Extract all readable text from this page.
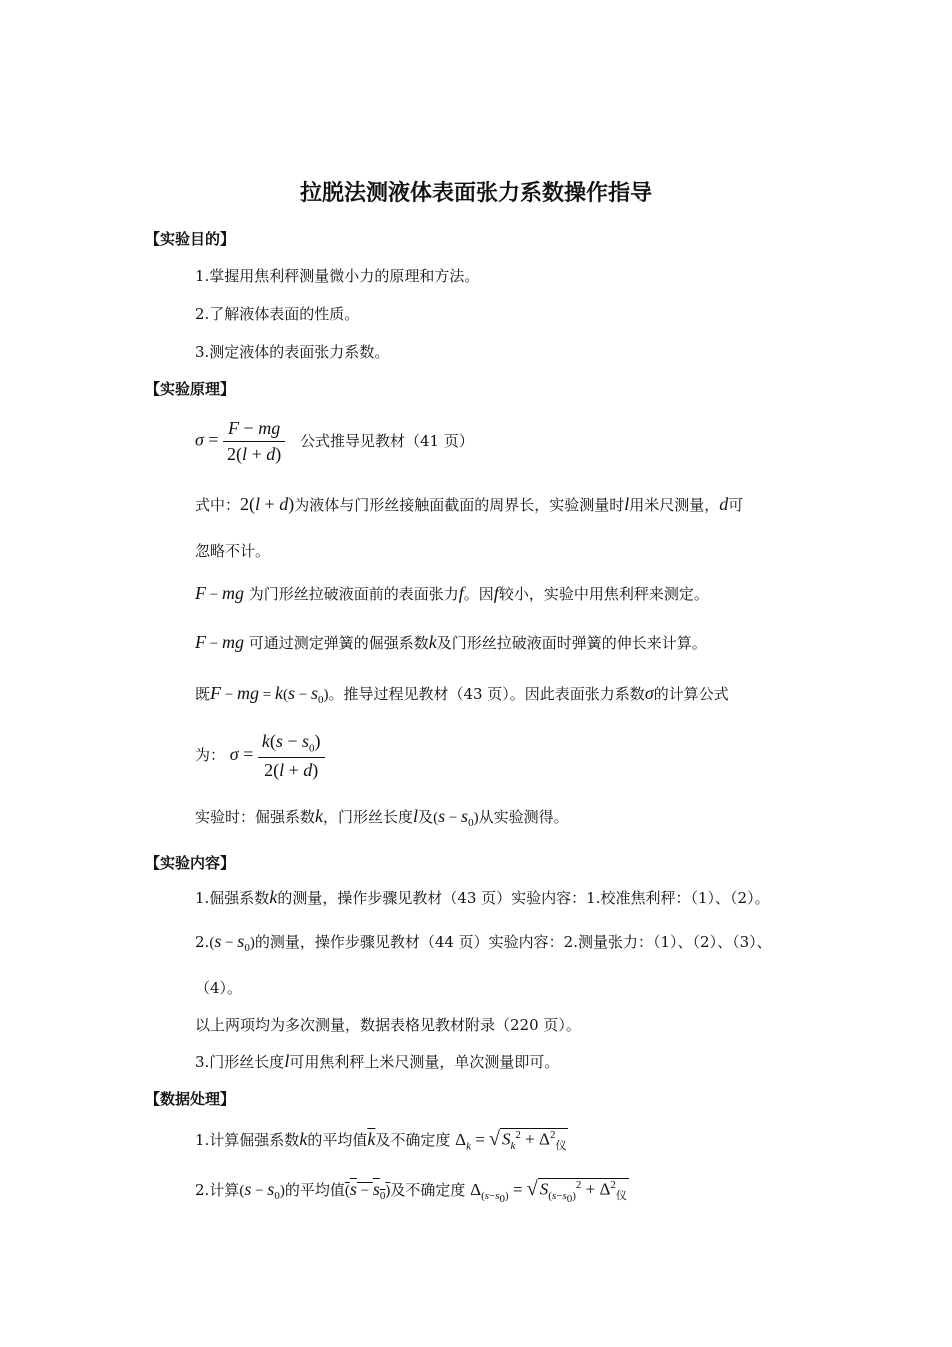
拉脱法测液体表面张力系数操作指导
【实验目的】
1.掌握用焦利秤测量微小力的原理和方法。
2.了解液体表面的性质。
3.测定液体的表面张力系数。
【实验原理】
$\sigma = \frac{F - mg}{2(l + d)}$ 公式推导见教材（41 页）
式中：2(l + d)为液体与门形丝接触面截面的周界长，实验测量时l用米尺测量，d可
忽略不计。
F − mg 为门形丝拉破液面前的表面张力f。因f较小，实验中用焦利秤来测定。
F − mg 可通过测定弹簧的倔强系数k及门形丝拉破液面时弹簧的伸长来计算。
既F − mg = $k(s - s_0)$。推导过程见教材（43 页）。因此表面张力系数σ的计算公式
为： $\sigma = \frac{k(s - s_0)}{2(l + d)}$
实验时：倔强系数k，门形丝长度l及$(s - s_0)$从实验测得。
【实验内容】
1.倔强系数k的测量，操作步骤见教材（43 页）实验内容：1.校准焦利秤：（1）、（2）。
$2.(s - s_0)$的测量，操作步骤见教材（44 页）实验内容：2.测量张力：（1）、（2）、（3）、
（4）。
以上两项均为多次测量，数据表格见教材附录（220 页）。
3.门形丝长度l可用焦利秤上米尺测量，单次测量即可。
【数据处理】
1.计算倔强系数k的平均值$\overline{k}$及不确定度 $\Delta_k$ = √ $S_k^2 + \Delta^2_仪$
2.计算$(s - s_0)$的平均值$(s - s_0)$及不确定度 $\Delta_{(s-s_0)}$ = √ $S_{(s-s_0)}^2 + \Delta^2_仪$
